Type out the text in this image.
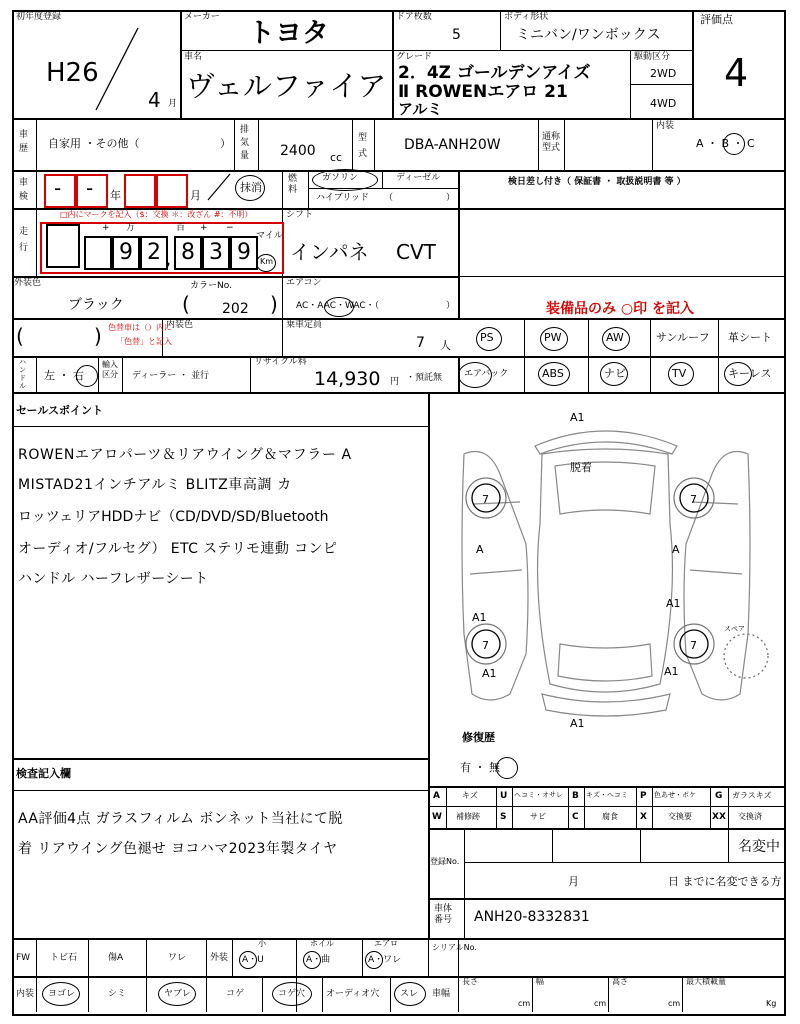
初年度登録
H26
4 月
メーカー
トヨタ
ドア枚数
5
ボディ形状
ミニバン/ワンボックス
評価点
4
車名
ヴェルファイア
グレード
2．4Z ゴールデンアイズ
Ⅱ ROWENエアロ 21
アルミ
駆動区分
2WD
4WD
車歴 自家用 ・その他（	）
排気量 2400 cc
型式
DBA-ANH20W	通称型式
内装
A ・ B ・ C
車検 - - 年	月
抹消
燃料
ガソリン	ディーゼル
ハイブリッド （	）
検日差し付き（ 保証書 ・ 取扱説明書 等 ）
走行
□内にマークを記入（$：交換 ＊：改ざん #：不明）
+ 万	百 + −
9 2 , 8 3 9
マイル
Km
シフト
インパネ CVT
外装色
ブラック
カラーNo.
( 202 )
エアコン
AC・AAC・WAC・（	）	装備品のみ ○印 を記入
(	) 色替車は（）内に
「色替」と記入
内装色	乗車定員
7 人
PS	PW	AW	サンルーフ 革シート
エアバック	ABS	ナビ	TV	キーレス
ハンドル
左 ・ 右
輸入区分 ディーラー ・ 並行
リサイクル料
14,930 円 ・預託無
セールスポイント
ROWENエアロパーツ＆リアウイング＆マフラー A
MISTAD21インチアルミ BLITZ車高調 カ
ロッツェリアHDDナビ（CD/DVD/SD/Bluetooth
オーディオ/フルセグ） ETC ステリモ連動 コンピ
ハンドル ハーフレザーシート
検査記入欄
AA評価4点 ガラスフィルム ボンネット当社にて脱
着 リアウイング色褪せ ヨコハマ2023年製タイヤ
A1
A1
脱着
7	7
7	7
A	A
A1
A1
A1
A1
スペア
修復歴
有 ・ 無
A	キズ U ヘコミ・オサレ B キズ・ヘコミ P 色あせ・ボケ G ガラスキズ
W 補修跡 S	サビ	C	腐食 X	交換要 XX 交換済
登録No.
名変中
月	日 までに名変できる方
車体番号	ANH20-8332831
FW トビ石	傷A	ワレ	外装
小
A・U
ホイル
A・曲
エアロ
A・ワレ
シリアルNo.
内装 ヨゴレ	シミ	ヤブレ	コゲ	コゲ穴 オーディオ穴 スレ 車幅
長さ
cm
幅
cm
高さ
cm
最大積載量
Kg
